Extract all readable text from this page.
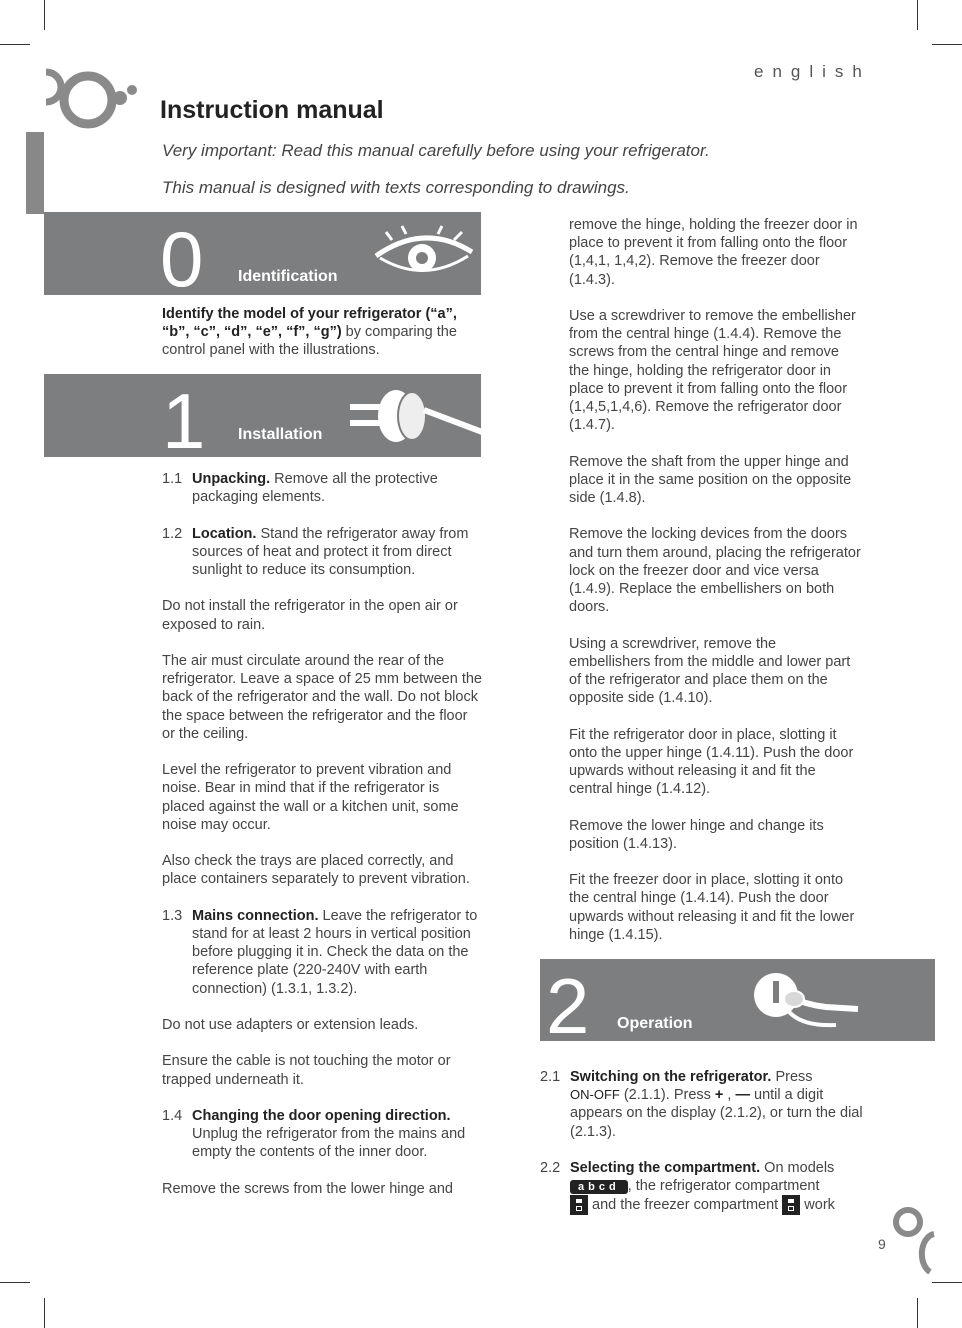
english
Instruction manual
Very important: Read this manual carefully before using your refrigerator.
This manual is designed with texts corresponding to drawings.
0 Identification

Identify the model of your refrigerator (“a”, “b”, “c”, “d”, “e”, “f”, “g”) by comparing the control panel with the illustrations.

1 Installation

1.1 Unpacking. Remove all the protective packaging elements.

1.2 Location. Stand the refrigerator away from sources of heat and protect it from direct sunlight to reduce its consumption.

Do not install the refrigerator in the open air or exposed to rain.

The air must circulate around the rear of the refrigerator. Leave a space of 25 mm between the back of the refrigerator and the wall. Do not block the space between the refrigerator and the floor or the ceiling.

Level the refrigerator to prevent vibration and noise. Bear in mind that if the refrigerator is placed against the wall or a kitchen unit, some noise may occur.

Also check the trays are placed correctly, and place containers separately to prevent vibration.

1.3 Mains connection. Leave the refrigerator to stand for at least 2 hours in vertical position before plugging it in. Check the data on the reference plate (220-240V with earth connection) (1.3.1, 1.3.2).

Do not use adapters or extension leads.

Ensure the cable is not touching the motor or trapped underneath it.

1.4 Changing the door opening direction. Unplug the refrigerator from the mains and empty the contents of the inner door.

Remove the screws from the lower hinge and

remove the hinge, holding the freezer door in place to prevent it from falling onto the floor (1,4,1, 1,4,2). Remove the freezer door (1.4.3).

Use a screwdriver to remove the embellisher from the central hinge (1.4.4). Remove the screws from the central hinge and remove the hinge, holding the refrigerator door in place to prevent it from falling onto the floor (1,4,5,1,4,6). Remove the refrigerator door (1.4.7).

Remove the shaft from the upper hinge and place it in the same position on the opposite side (1.4.8).

Remove the locking devices from the doors and turn them around, placing the refrigerator lock on the freezer door and vice versa (1.4.9). Replace the embellishers on both doors.

Using a screwdriver, remove the embellishers from the middle and lower part of the refrigerator and place them on the opposite side (1.4.10).

Fit the refrigerator door in place, slotting it onto the upper hinge (1.4.11). Push the door upwards without releasing it and fit the central hinge (1.4.12).

Remove the lower hinge and change its position (1.4.13).

Fit the freezer door in place, slotting it onto the central hinge (1.4.14). Push the door upwards without releasing it and fit the lower hinge (1.4.15).

2 Operation

2.1 Switching on the refrigerator. Press
ON-OFF (2.1.1). Press + , — until a digit appears on the display (2.1.2), or turn the dial (2.1.3).

2.2 Selecting the compartment. On models
abcd , the refrigerator compartment
and the freezer compartment  work

9
